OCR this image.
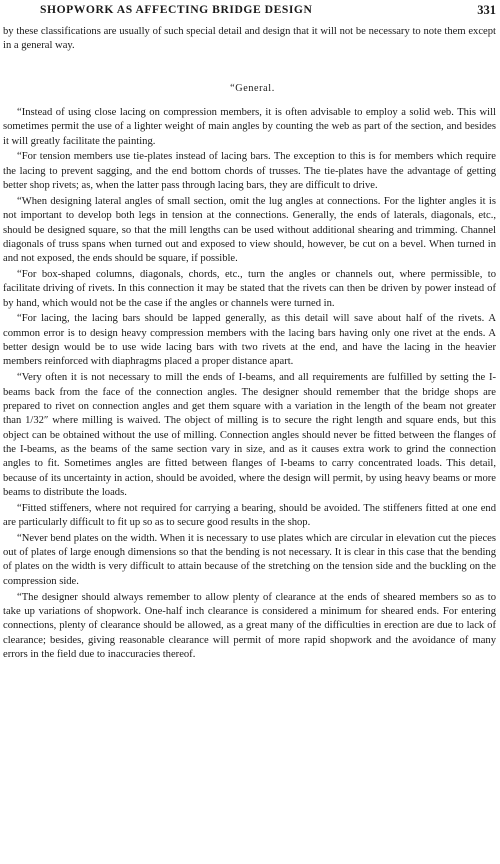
SHOPWORK AS AFFECTING BRIDGE DESIGN	331

by these classifications are usually of such special detail and design that it will not be necessary to note them except in a general way.

“General.

“Instead of using close lacing on compression members, it is often advisable to employ a solid web. This will sometimes permit the use of a lighter weight of main angles by counting the web as part of the section, and besides it will greatly facilitate the painting.

“For tension members use tie-plates instead of lacing bars. The exception to this is for members which require the lacing to prevent sagging, and the end bottom chords of trusses. The tie-plates have the advantage of getting better shop rivets; as, when the latter pass through lacing bars, they are difficult to drive.

“When designing lateral angles of small section, omit the lug angles at connections. For the lighter angles it is not important to develop both legs in tension at the connections. Generally, the ends of laterals, diagonals, etc., should be designed square, so that the mill lengths can be used without additional shearing and trimming. Channel diagonals of truss spans when turned out and exposed to view should, however, be cut on a bevel. When turned in and not exposed, the ends should be square, if possible.

“For box-shaped columns, diagonals, chords, etc., turn the angles or channels out, where permissible, to facilitate driving of rivets. In this connection it may be stated that the rivets can then be driven by power instead of by hand, which would not be the case if the angles or channels were turned in.

“For lacing, the lacing bars should be lapped generally, as this detail will save about half of the rivets. A common error is to design heavy compression members with the lacing bars having only one rivet at the ends. A better design would be to use wide lacing bars with two rivets at the end, and have the lacing in the heavier members reinforced with diaphragms placed a proper distance apart.

“Very often it is not necessary to mill the ends of I-beams, and all requirements are fulfilled by setting the I-beams back from the face of the connection angles. The designer should remember that the bridge shops are prepared to rivet on connection angles and get them square with a variation in the length of the beam not greater than 1/32″ where milling is waived. The object of milling is to secure the right length and square ends, but this object can be obtained without the use of milling. Connection angles should never be fitted between the flanges of the I-beams, as the beams of the same section vary in size, and as it causes extra work to grind the connection angles to fit. Sometimes angles are fitted between flanges of I-beams to carry concentrated loads. This detail, because of its uncertainty in action, should be avoided, where the design will permit, by using heavy beams or more beams to distribute the loads.

“Fitted stiffeners, where not required for carrying a bearing, should be avoided. The stiffeners fitted at one end are particularly difficult to fit up so as to secure good results in the shop.

“Never bend plates on the width. When it is necessary to use plates which are circular in elevation cut the pieces out of plates of large enough dimensions so that the bending is not necessary. It is clear in this case that the bending of plates on the width is very difficult to attain because of the stretching on the tension side and the buckling on the compression side.

“The designer should always remember to allow plenty of clearance at the ends of sheared members so as to take up variations of shopwork. One-half inch clearance is considered a minimum for sheared ends. For entering connections, plenty of clearance should be allowed, as a great many of the difficulties in erection are due to lack of clearance; besides, giving reasonable clearance will permit of more rapid shopwork and the avoidance of many errors in the field due to inaccuracies thereof.
